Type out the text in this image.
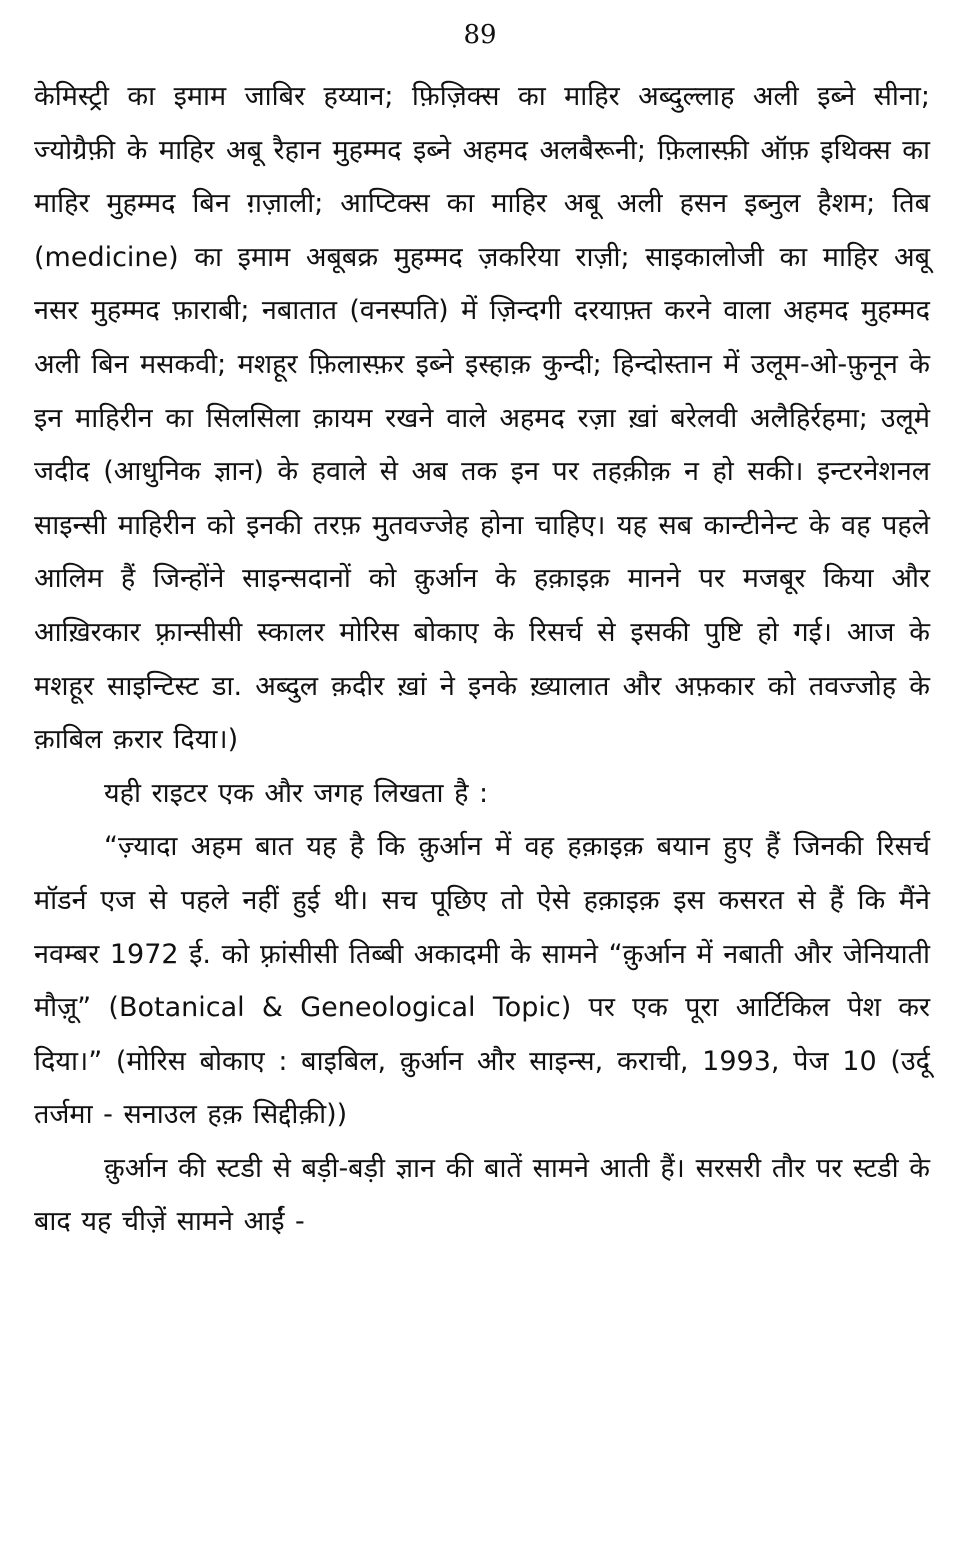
89

केमिस्ट्री का इमाम जाबिर हय्यान; फ़िज़िक्स का माहिर अब्दुल्लाह अली इब्ने सीना; ज्योग्रैफ़ी के माहिर अबू रैहान मुहम्मद इब्ने अहमद अलबैरूनी; फ़िलास्फ़ी ऑफ़ इथिक्स का माहिर मुहम्मद बिन ग़ज़ाली; आप्टिक्स का माहिर अबू अली हसन इब्नुल हैशम; तिब (medicine) का इमाम अबूबक्र मुहम्मद ज़करिया राज़ी; साइकालोजी का माहिर अबू नसर मुहम्मद फ़ाराबी; नबातात (वनस्पति) में ज़िन्दगी दरयाफ़्त करने वाला अहमद मुहम्मद अली बिन मसकवी; मशहूर फ़िलास्फ़र इब्ने इस्हाक़ कुन्दी; हिन्दोस्तान में उलूम-ओ-फ़ुनून के इन माहिरीन का सिलसिला क़ायम रखने वाले अहमद रज़ा ख़ां बरेलवी अलैहिर्रहमा; उलूमे जदीद (आधुनिक ज्ञान) के हवाले से अब तक इन पर तहक़ीक़ न हो सकी। इन्टरनेशनल साइन्सी माहिरीन को इनकी तरफ़ मुतवज्जेह होना चाहिए। यह सब कान्टीनेन्ट के वह पहले आलिम हैं जिन्होंने साइन्सदानों को क़ुर्आन के हक़ाइक़ मानने पर मजबूर किया और आख़िरकार फ़्रान्सीसी स्कालर मोरिस बोकाए के रिसर्च से इसकी पुष्टि हो गई। आज के मशहूर साइन्टिस्ट डा. अब्दुल क़दीर ख़ां ने इनके ख़्यालात और अफ़कार को तवज्जोह के क़ाबिल क़रार दिया।)

यही राइटर एक और जगह लिखता है :

“ज़्यादा अहम बात यह है कि क़ुर्आन में वह हक़ाइक़ बयान हुए हैं जिनकी रिसर्च मॉडर्न एज से पहले नहीं हुई थी। सच पूछिए तो ऐसे हक़ाइक़ इस कसरत से हैं कि मैंने नवम्बर 1972 ई. को फ़्रांसीसी तिब्बी अकादमी के सामने “क़ुर्आन में नबाती और जेनियाती मौज़ू” (Botanical & Geneological Topic) पर एक पूरा आर्टिकिल पेश कर दिया।” (मोरिस बोकाए : बाइबिल, क़ुर्आन और साइन्स, कराची, 1993, पेज 10 (उर्दू तर्जमा - सनाउल हक़ सिद्दीक़ी))

क़ुर्आन की स्टडी से बड़ी-बड़ी ज्ञान की बातें सामने आती हैं। सरसरी तौर पर स्टडी के बाद यह चीज़ें सामने आईं -
